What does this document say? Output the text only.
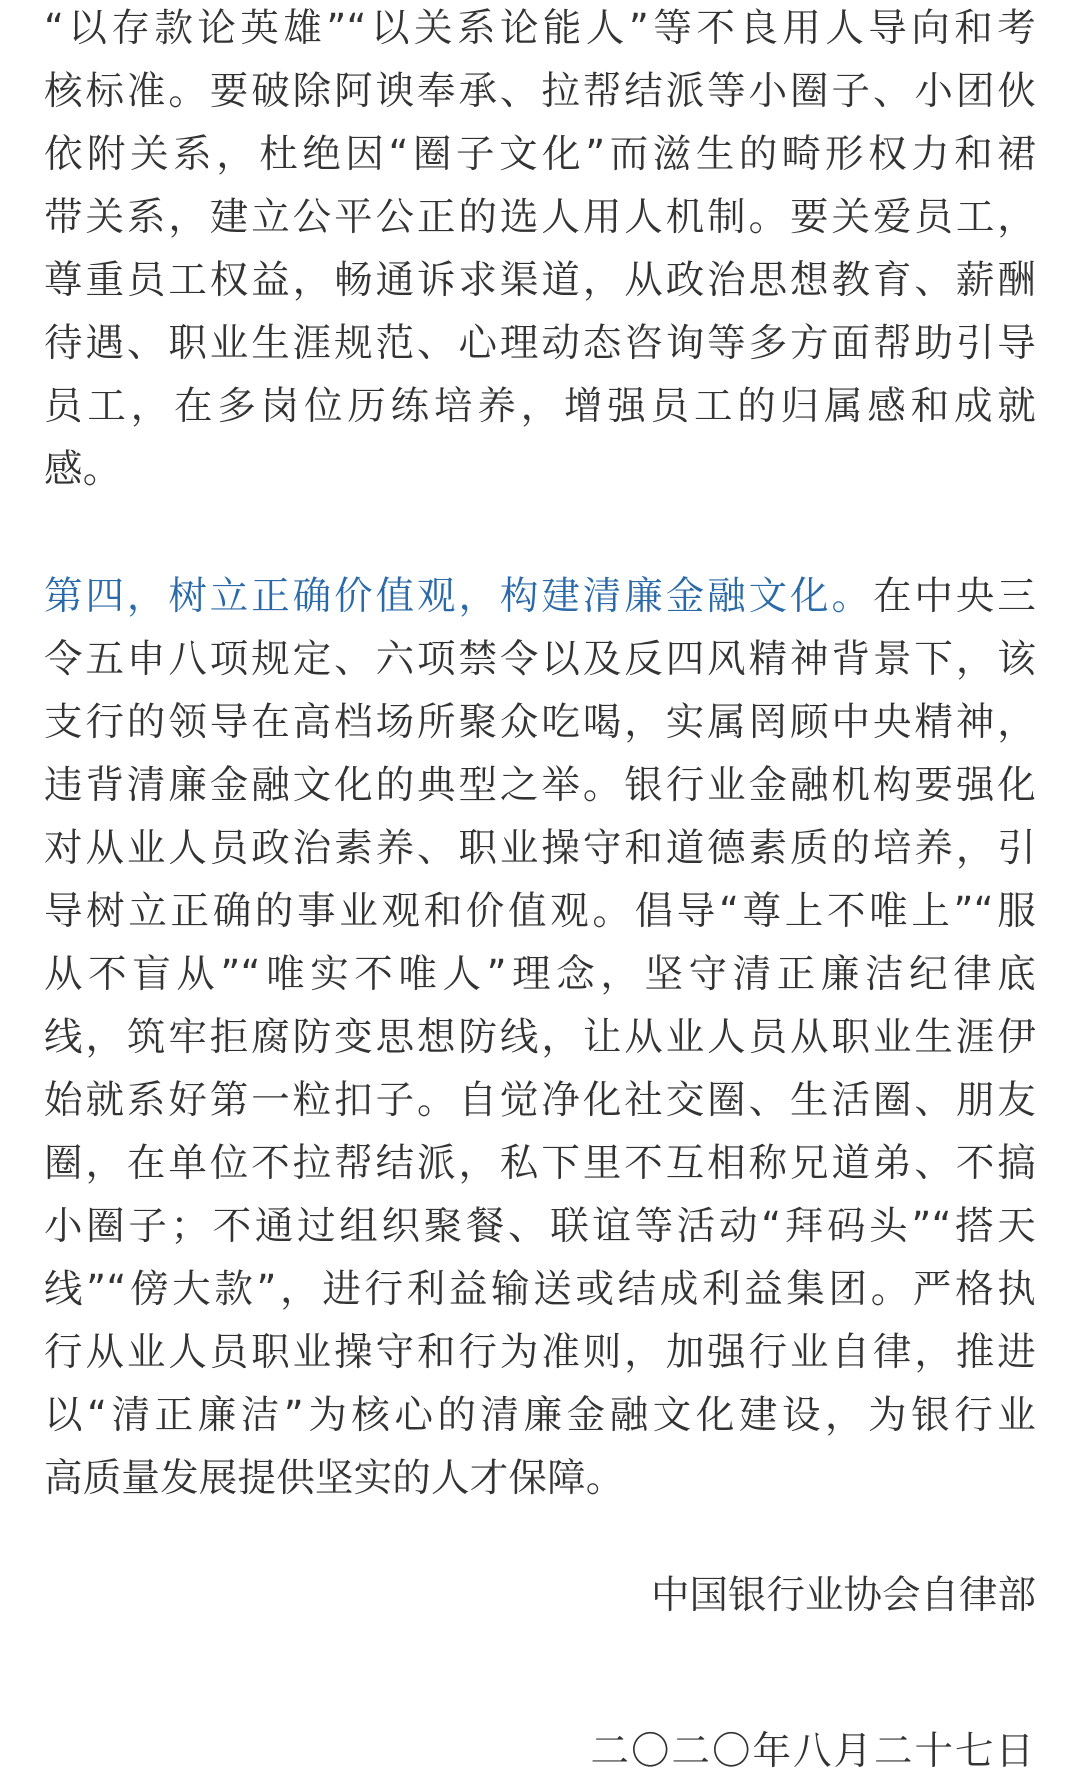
“以存款论英雄”“以关系论能人”等不良用人导向和考
核标准。要破除阿谀奉承、拉帮结派等小圈子、小团伙
依附关系，杜绝因“圈子文化”而滋生的畸形权力和裙
带关系，建立公平公正的选人用人机制。要关爱员工，
尊重员工权益，畅通诉求渠道，从政治思想教育、薪酬
待遇、职业生涯规范、心理动态咨询等多方面帮助引导
员工，在多岗位历练培养，增强员工的归属感和成就
感。
第四，树立正确价值观，构建清廉金融文化。在中央三
令五申八项规定、六项禁令以及反四风精神背景下，该
支行的领导在高档场所聚众吃喝，实属罔顾中央精神，
违背清廉金融文化的典型之举。银行业金融机构要强化
对从业人员政治素养、职业操守和道德素质的培养，引
导树立正确的事业观和价值观。倡导“尊上不唯上”“服
从不盲从”“唯实不唯人”理念，坚守清正廉洁纪律底
线，筑牢拒腐防变思想防线，让从业人员从职业生涯伊
始就系好第一粒扣子。自觉净化社交圈、生活圈、朋友
圈，在单位不拉帮结派，私下里不互相称兄道弟、不搞
小圈子；不通过组织聚餐、联谊等活动“拜码头”“搭天
线”“傍大款”，进行利益输送或结成利益集团。严格执
行从业人员职业操守和行为准则，加强行业自律，推进
以“清正廉洁”为核心的清廉金融文化建设，为银行业
高质量发展提供坚实的人才保障。
中国银行业协会自律部
二〇二〇年八月二十七日
